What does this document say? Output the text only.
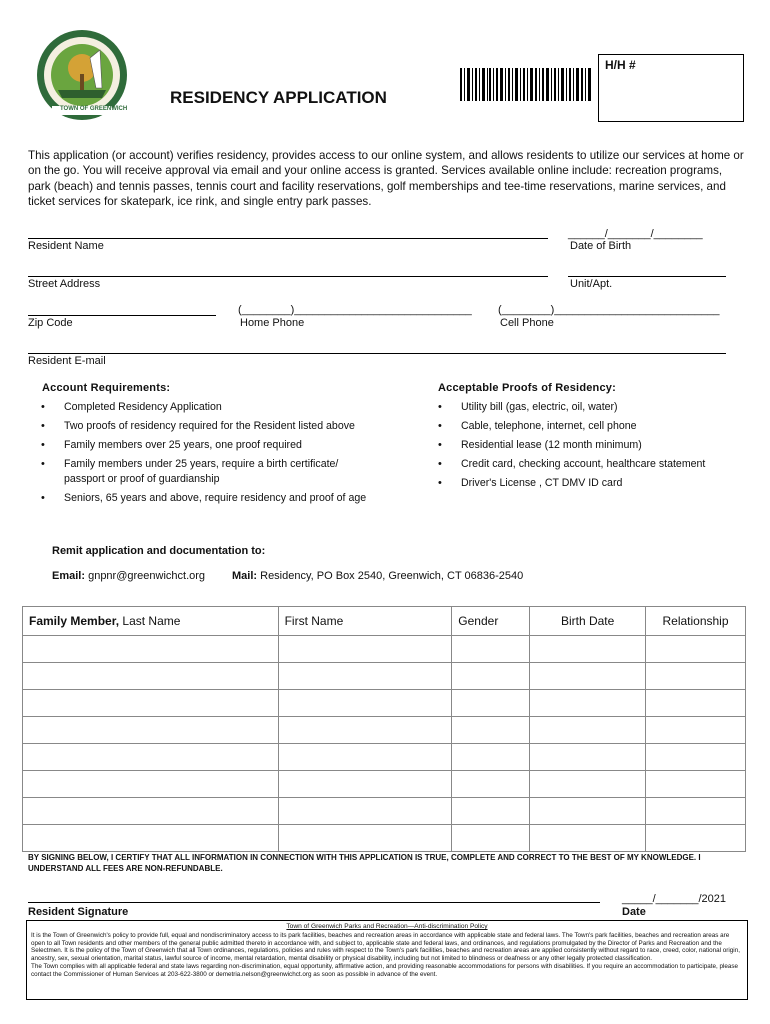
TOWN OF GREENWICH
RESIDENCY APPLICATION
H/H #
This application (or account) verifies residency, provides access to our online system, and allows residents to utilize our services at home or on the go. You will receive approval via email and your online access is granted. Services available online include: recreation programs, park (beach) and tennis passes, tennis court and facility reservations, golf memberships and tee-time reservations, marine services, and ticket services for skatepark, ice rink, and single entry park passes.
Resident Name
______/_______/________
Date of Birth
Street Address	Unit/Apt.
Zip Code
(________)_____________________________
Home Phone
(________)___________________________
Cell Phone
Resident E-mail
Account Requirements:
• Completed Residency Application
• Two proofs of residency required for the Resident listed above
• Family members over 25 years, one proof required
• Family members under 25 years, require a birth certificate/ passport or proof of guardianship
• Seniors, 65 years and above, require residency and proof of age
Acceptable Proofs of Residency:
• Utility bill (gas, electric, oil, water)
• Cable, telephone, internet, cell phone
• Residential lease (12 month minimum)
• Credit card, checking account, healthcare statement
• Driver's License , CT DMV ID card
Remit application and documentation to:
Email: gnpnr@greenwichct.org Mail: Residency, PO Box 2540, Greenwich, CT 06836-2540
Family Member, Last Name	First Name	Gender	Birth Date	Relationship

BY SIGNING BELOW, I CERTIFY THAT ALL INFORMATION IN CONNECTION WITH THIS APPLICATION IS TRUE, COMPLETE AND CORRECT TO THE BEST OF MY KNOWLEDGE. I UNDERSTAND ALL FEES ARE NON-REFUNDABLE.
Resident Signature
_____/_______/2021
Date
Town of Greenwich Parks and Recreation—Anti-discrimination Policy
It is the Town of Greenwich's policy to provide full, equal and nondiscriminatory access to its park facilities, beaches and recreation areas in accordance with applicable state and federal laws. The Town's park facilities, beaches and recreation areas are open to all Town residents and other members of the general public admitted thereto in accordance with, and subject to, applicable state and federal laws, and ordinances, and regulations promulgated by the Director of Parks and Recreation and the Selectmen. It is the policy of the Town of Greenwich that all Town ordinances, regulations, policies and rules with respect to the Town's park facilities, beaches and recreation areas are applied consistently without regard to race, creed, color, national origin, ancestry, sex, sexual orientation, marital status, lawful source of income, mental retardation, mental disability or physical disability, including but not limited to blindness or deafness or any other legally protected classification.
The Town complies with all applicable federal and state laws regarding non-discrimination, equal opportunity, affirmative action, and providing reasonable accommodations for persons with disabilities. If you require an accommodation to participate, please contact the Commissioner of Human Services at 203-622-3800 or demetria.nelson@greenwichct.org as soon as possible in advance of the event.
